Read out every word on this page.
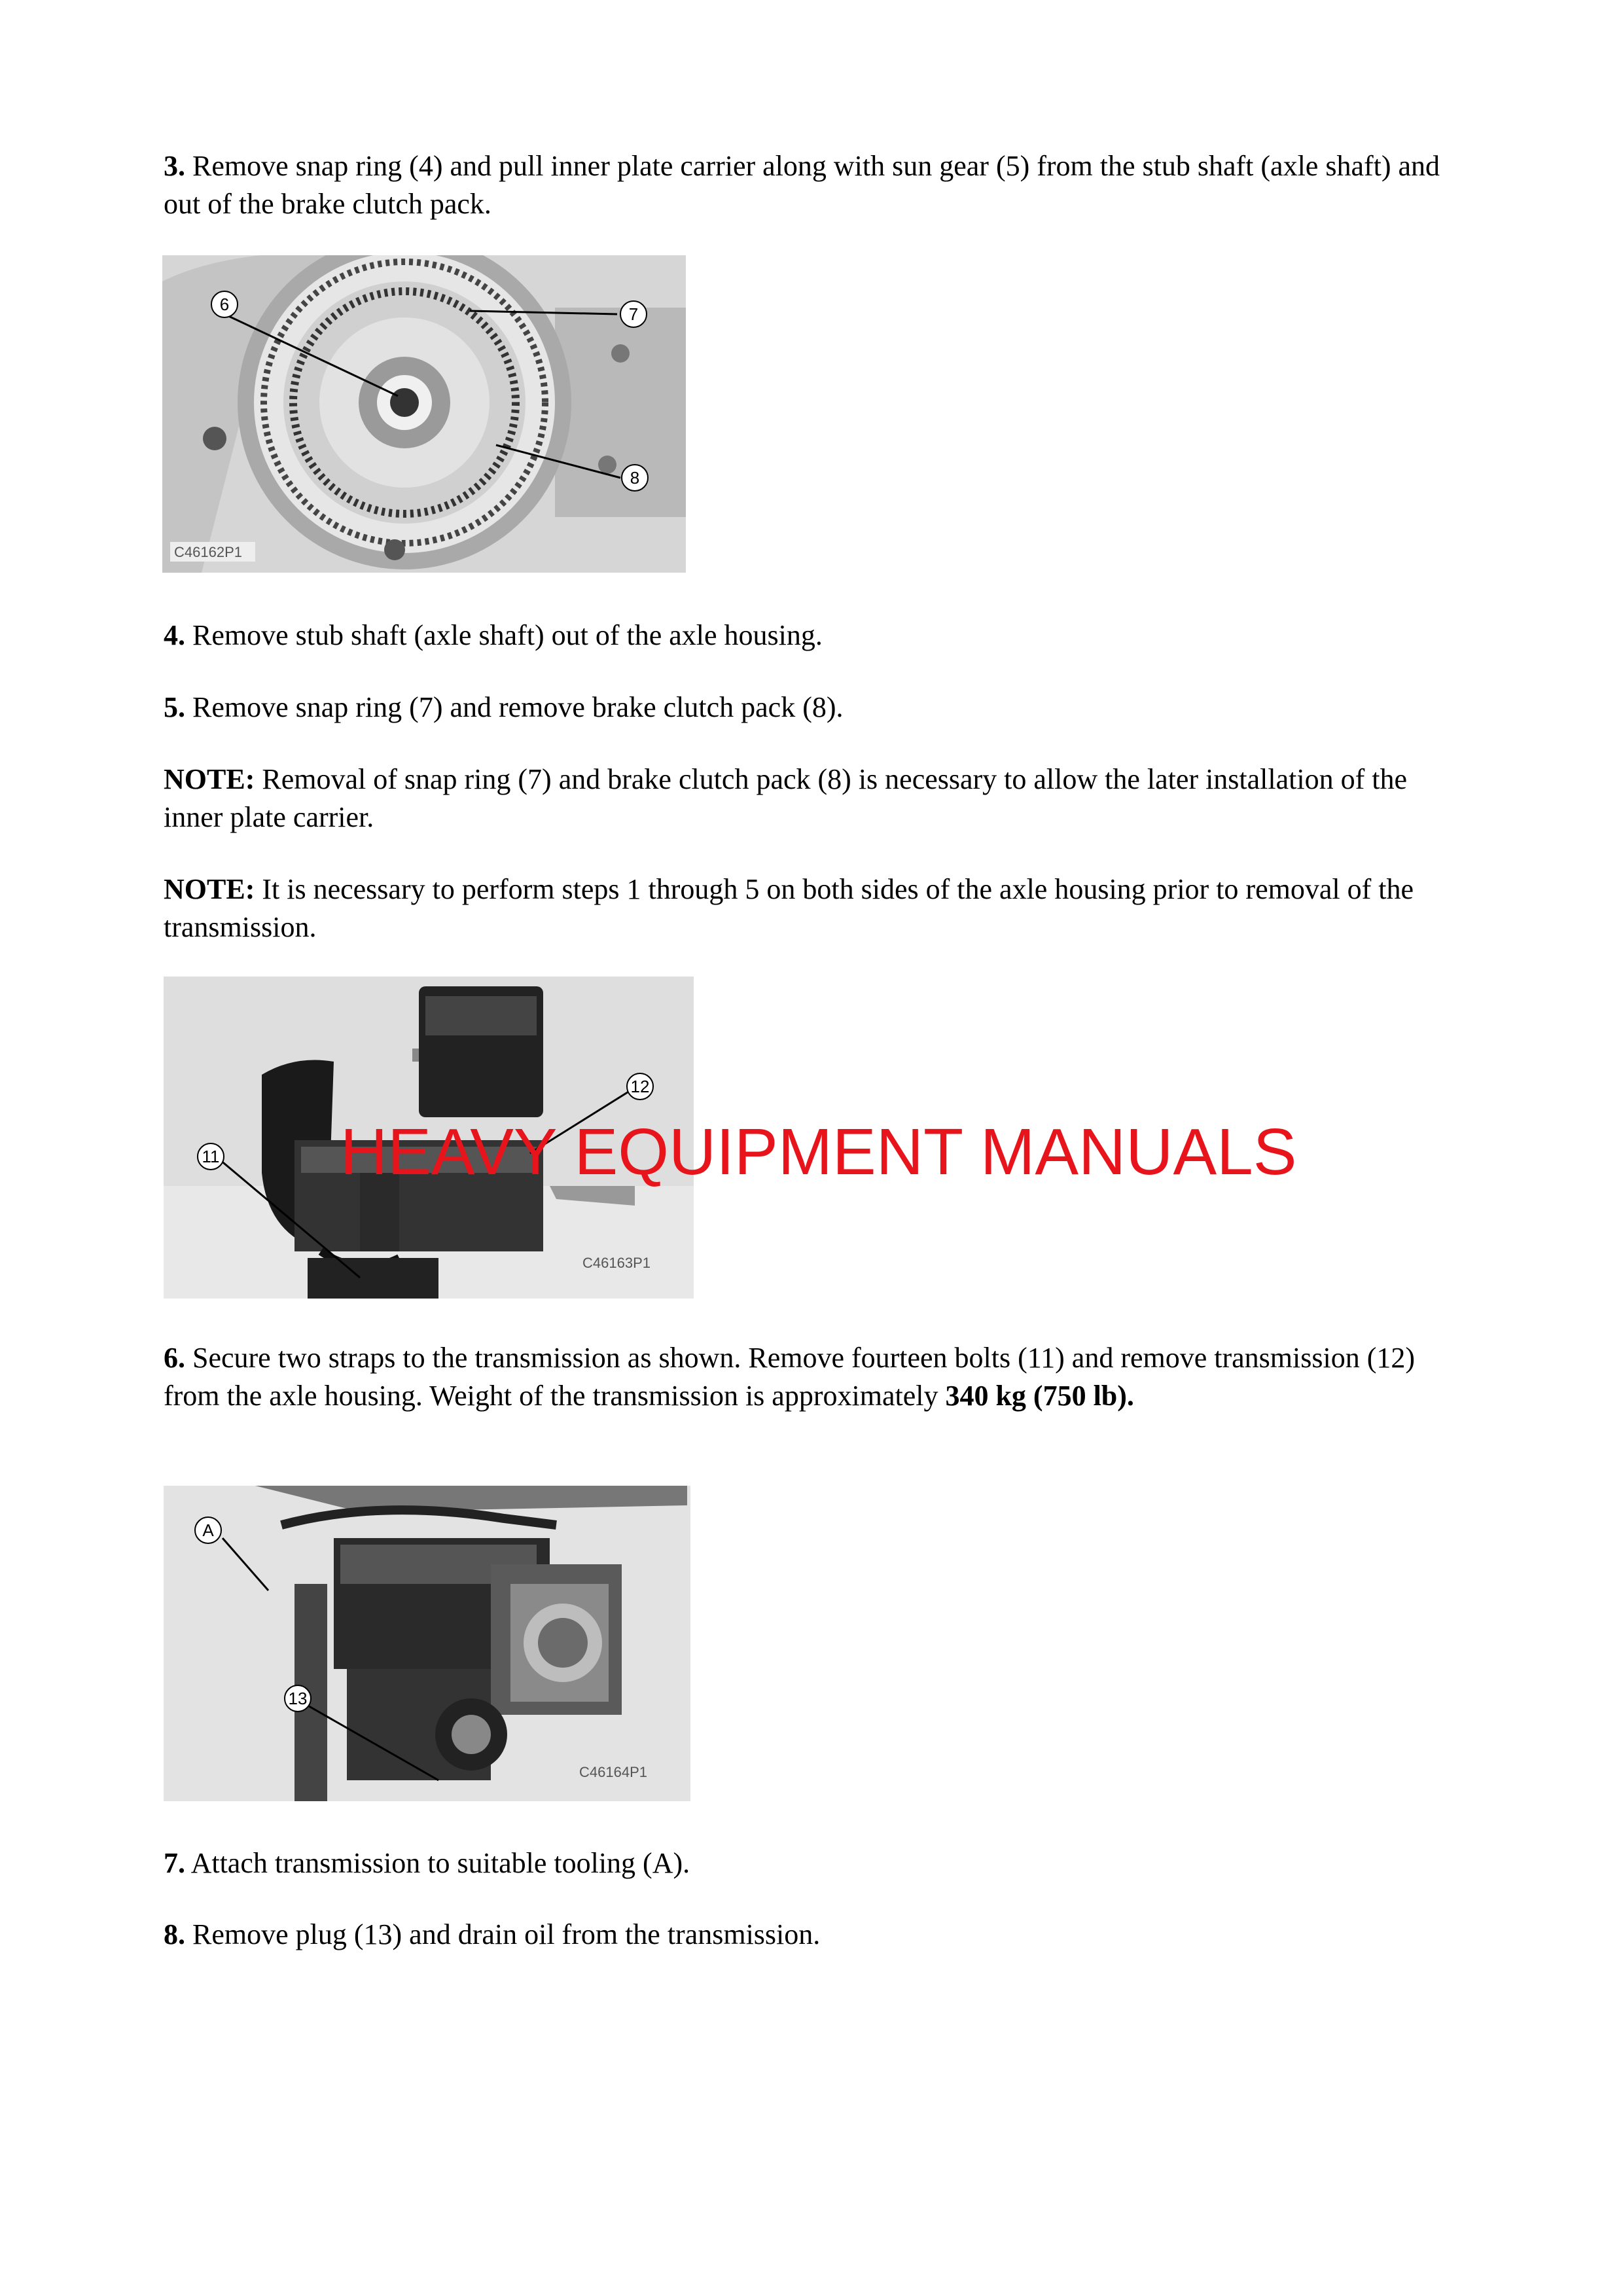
3. Remove snap ring (4) and pull inner plate carrier along with sun gear (5) from the stub shaft (axle shaft) and out of the brake clutch pack.
6	7
8
C46162P1
4. Remove stub shaft (axle shaft) out of the axle housing.
5. Remove snap ring (7) and remove brake clutch pack (8).
NOTE: Removal of snap ring (7) and brake clutch pack (8) is necessary to allow the later installation of the inner plate carrier.
NOTE: It is necessary to perform steps 1 through 5 on both sides of the axle housing prior to removal of the transmission.
11
12
C46163P1
6. Secure two straps to the transmission as shown. Remove fourteen bolts (11) and remove transmission (12) from the axle housing. Weight of the transmission is approximately 340 kg (750 lb).
A
13
C46164P1
7. Attach transmission to suitable tooling (A).
8. Remove plug (13) and drain oil from the transmission.
HEAVY EQUIPMENT MANUALS
